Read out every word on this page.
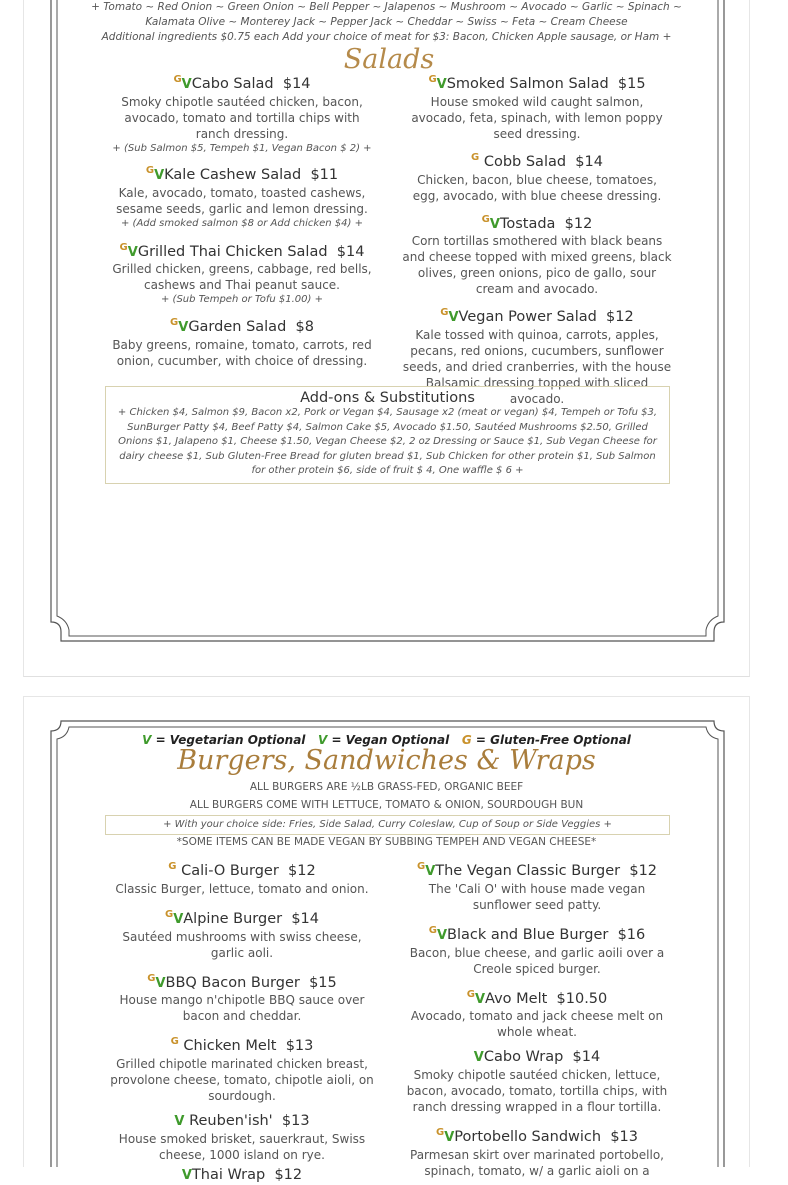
+ Tomato ~ Red Onion ~ Green Onion ~ Bell Pepper ~ Jalapenos ~ Mushroom ~ Avocado ~ Garlic ~ Spinach ~
Kalamata Olive ~ Monterey Jack ~ Pepper Jack ~ Cheddar ~ Swiss ~ Feta ~ Cream Cheese
Additional ingredients $0.75 each Add your choice of meat for $3: Bacon, Chicken Apple sausage, or Ham +
Salads
$^G$VCabo Salad $14
Smoky chipotle sautéed chicken, bacon, avocado, tomato and tortilla chips with ranch dressing.
+ (Sub Salmon $5, Tempeh $1, Vegan Bacon $ 2) +
$^G$VKale Cashew Salad $11
Kale, avocado, tomato, toasted cashews, sesame seeds, garlic and lemon dressing.
+ (Add smoked salmon $8 or Add chicken $4) +
$^G$VGrilled Thai Chicken Salad $14
Grilled chicken, greens, cabbage, red bells, cashews and Thai peanut sauce.
+ (Sub Tempeh or Tofu $1.00) +
$^G$VGarden Salad $8
Baby greens, romaine, tomato, carrots, red onion, cucumber, with choice of dressing.
$^G$VSmoked Salmon Salad $15
House smoked wild caught salmon, avocado, feta, spinach, with lemon poppy seed dressing.
$^G$ Cobb Salad $14
Chicken, bacon, blue cheese, tomatoes, egg, avocado, with blue cheese dressing.
$^G$VTostada $12
Corn tortillas smothered with black beans and cheese topped with mixed greens, black olives, green onions, pico de gallo, sour cream and avocado.
$^G$VVegan Power Salad $12
Kale tossed with quinoa, carrots, apples, pecans, red onions, cucumbers, sunflower seeds, and dried cranberries, with the house Balsamic dressing topped with sliced avocado.
Add-ons & Substitutions
+ Chicken $4, Salmon $9, Bacon x2, Pork or Vegan $4, Sausage x2 (meat or vegan) $4, Tempeh or Tofu $3, SunBurger Patty $4, Beef Patty $4, Salmon Cake $5, Avocado $1.50, Sautéed Mushrooms $2.50, Grilled Onions $1, Jalapeno $1, Cheese $1.50, Vegan Cheese $2, 2 oz Dressing or Sauce $1, Sub Vegan Cheese for dairy cheese $1, Sub Gluten-Free Bread for gluten bread $1, Sub Chicken for other protein $1, Sub Salmon for other protein $6, side of fruit $ 4, One waffle $ 6 +
V = Vegetarian Optional V = Vegan Optional G = Gluten-Free Optional
Burgers, Sandwiches & Wraps
ALL BURGERS ARE ½LB GRASS-FED, ORGANIC BEEF
ALL BURGERS COME WITH LETTUCE, TOMATO & ONION, SOURDOUGH BUN
+ With your choice side: Fries, Side Salad, Curry Coleslaw, Cup of Soup or Side Veggies +
*SOME ITEMS CAN BE MADE VEGAN BY SUBBING TEMPEH AND VEGAN CHEESE*
$^G$ Cali-O Burger $12
Classic Burger, lettuce, tomato and onion.
$^G$VAlpine Burger $14
Sautéed mushrooms with swiss cheese, garlic aoli.
$^G$VBBQ Bacon Burger $15
House mango n'chipotle BBQ sauce over bacon and cheddar.
$^G$ Chicken Melt $13
Grilled chipotle marinated chicken breast, provolone cheese, tomato, chipotle aioli, on sourdough.
V Reuben'ish' $13
House smoked brisket, sauerkraut, Swiss cheese, 1000 island on rye.
VThai Wrap $12
$^G$VThe Vegan Classic Burger $12
The 'Cali O' with house made vegan sunflower seed patty.
$^G$VBlack and Blue Burger $16
Bacon, blue cheese, and garlic aoili over a Creole spiced burger.
$^G$VAvo Melt $10.50
Avocado, tomato and jack cheese melt on whole wheat.
VCabo Wrap $14
Smoky chipotle sautéed chicken, lettuce, bacon, avocado, tomato, tortilla chips, with ranch dressing wrapped in a flour tortilla.
$^G$VPortobello Sandwich $13
Parmesan skirt over marinated portobello, spinach, tomato, w/ a garlic aioli on a
